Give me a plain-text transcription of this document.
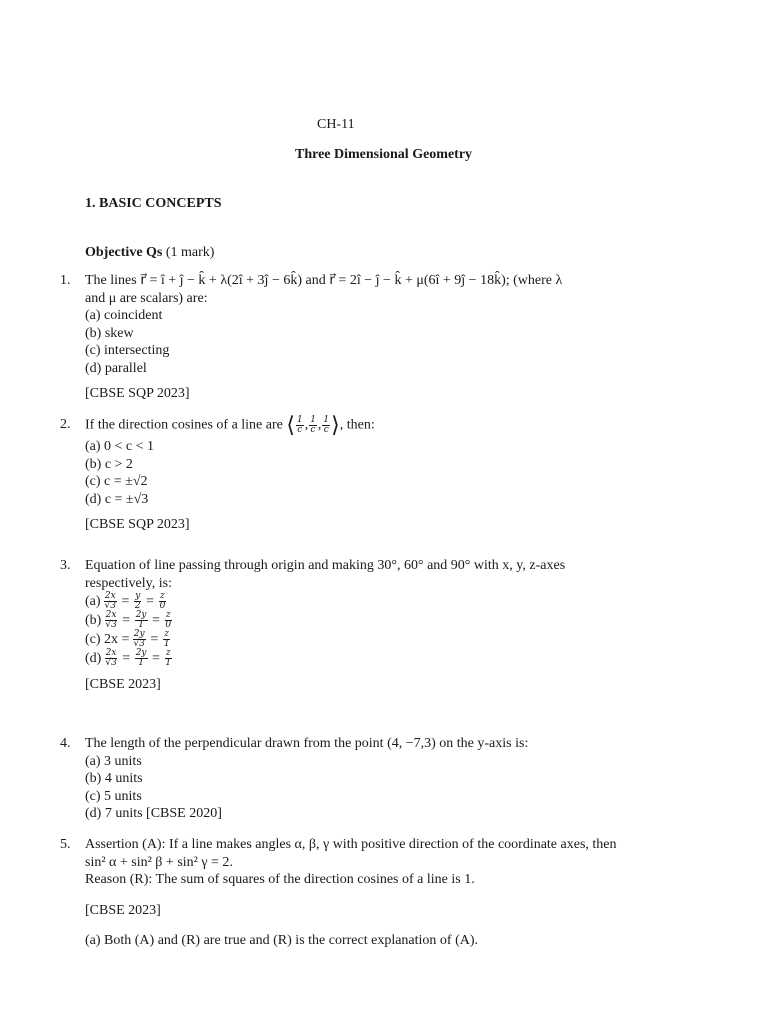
CH-11
Three Dimensional Geometry
1. BASIC CONCEPTS
Objective Qs (1 mark)
1. The lines r⃗ = î + ĵ − k̂ + λ(2î + 3ĵ − 6k̂) and r⃗ = 2î − ĵ − k̂ + μ(6î + 9ĵ − 18k̂); (where λ
and μ are scalars) are:
(a) coincident
(b) skew
(c) intersecting
(d) parallel
[CBSE SQP 2023]
2. If the direction cosines of a line are ⟨ $\frac{1}{c}$ , $\frac{1}{c}$ , $\frac{1}{c}$ ⟩, then:
(a) 0 < c < 1
(b) c > 2
(c) c = ±√2
(d) c = ±√3
[CBSE SQP 2023]
3. Equation of line passing through origin and making 30°, 60° and 90° with x, y, z-axes
respectively, is:
$(a) \frac{2x}{√3} = \frac{y}{2} = \frac{z}{0}$
$(b) \frac{2x}{√3} = \frac{2y}{1} = \frac{z}{0}$
(c) $2x = \frac{2y}{√3} = \frac{z}{1}$
$(d) \frac{2x}{√3} = \frac{2y}{1} = \frac{z}{1}$
[CBSE 2023]
4. The length of the perpendicular drawn from the point (4, −7,3) on the y-axis is:
(a) 3 units
(b) 4 units
(c) 5 units
(d) 7 units [CBSE 2020]
5. Assertion (A): If a line makes angles α, β, γ with positive direction of the coordinate axes, then
sin² α + sin² β + sin² γ = 2.
Reason (R): The sum of squares of the direction cosines of a line is 1.
[CBSE 2023]
(a) Both (A) and (R) are true and (R) is the correct explanation of (A).
